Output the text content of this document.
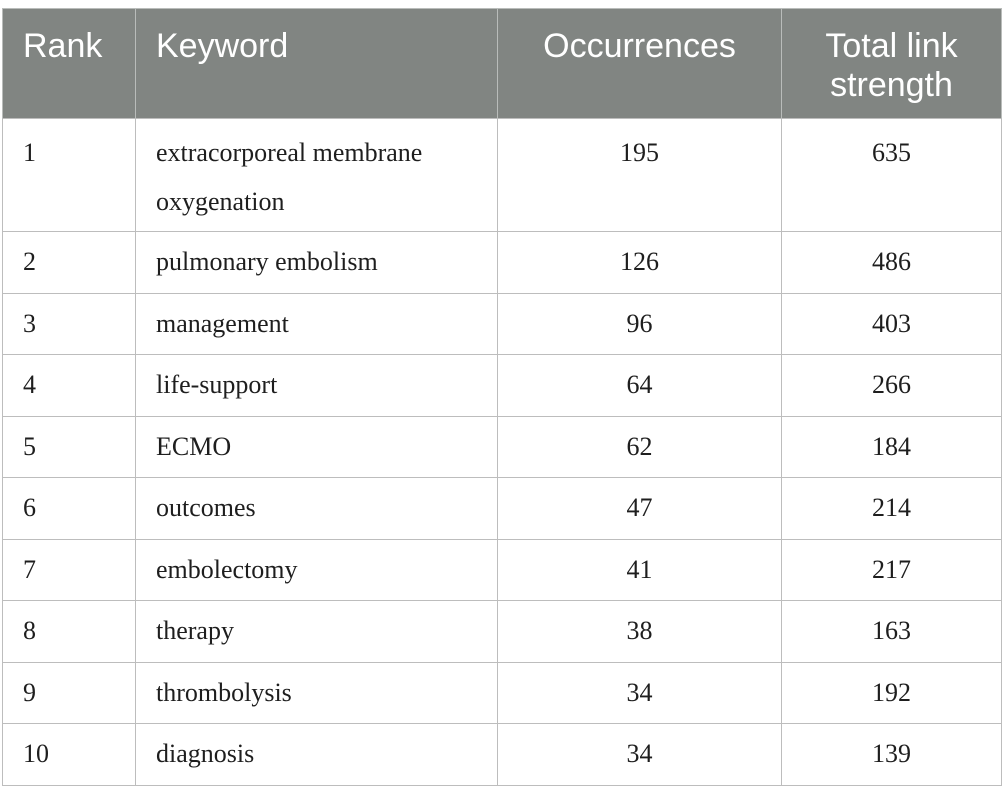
Rank	Keyword	Occurrences	Total link strength
1	extracorporeal membrane oxygenation	195	635
2	pulmonary embolism	126	486
3	management	96	403
4	life-support	64	266
5	ECMO	62	184
6	outcomes	47	214
7	embolectomy	41	217
8	therapy	38	163
9	thrombolysis	34	192
10	diagnosis	34	139
